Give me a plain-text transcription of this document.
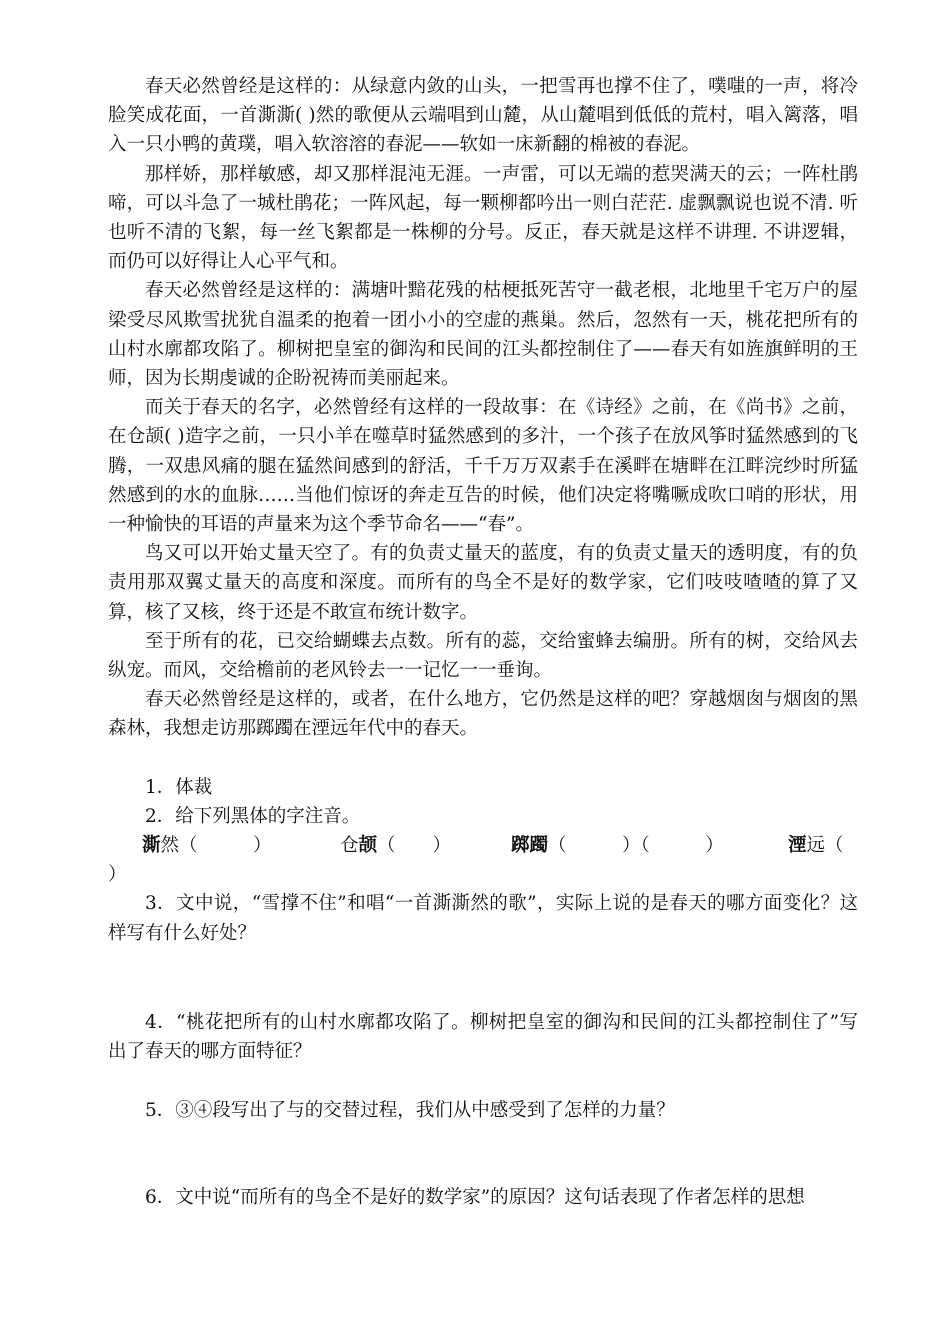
春天必然曾经是这样的：从绿意内敛的山头，一把雪再也撑不住了，噗嗤的一声，将冷脸笑成花面，一首澌澌( )然的歌便从云端唱到山麓，从山麓唱到低低的荒村，唱入篱落，唱入一只小鸭的黄璞，唱入软溶溶的春泥——软如一床新翻的棉被的春泥。

那样娇，那样敏感，却又那样混沌无涯。一声雷，可以无端的惹哭满天的云；一阵杜鹃啼，可以斗急了一城杜鹃花；一阵风起，每一颗柳都吟出一则白茫茫. 虚飘飘说也说不清. 听也听不清的飞絮，每一丝飞絮都是一株柳的分号。反正，春天就是这样不讲理. 不讲逻辑，而仍可以好得让人心平气和。

春天必然曾经是这样的：满塘叶黯花残的枯梗抵死苦守一截老根，北地里千宅万户的屋梁受尽风欺雪扰犹自温柔的抱着一团小小的空虚的燕巢。然后，忽然有一天，桃花把所有的山村水廓都攻陷了。柳树把皇室的御沟和民间的江头都控制住了——春天有如旌旗鲜明的王师，因为长期虔诚的企盼祝祷而美丽起来。

而关于春天的名字，必然曾经有这样的一段故事：在《诗经》之前，在《尚书》之前，在仓颉( )造字之前，一只小羊在噬草时猛然感到的多汁，一个孩子在放风筝时猛然感到的飞腾，一双患风痛的腿在猛然间感到的舒活，千千万万双素手在溪畔在塘畔在江畔浣纱时所猛然感到的水的血脉……当他们惊讶的奔走互告的时候，他们决定将嘴噘成吹口哨的形状，用一种愉快的耳语的声量来为这个季节命名——“春”。

鸟又可以开始丈量天空了。有的负责丈量天的蓝度，有的负责丈量天的透明度，有的负责用那双翼丈量天的高度和深度。而所有的鸟全不是好的数学家，它们吱吱喳喳的算了又算，核了又核，终于还是不敢宣布统计数字。

至于所有的花，已交给蝴蝶去点数。所有的蕊，交给蜜蜂去编册。所有的树，交给风去纵宠。而风，交给檐前的老风铃去一一记忆一一垂询。

春天必然曾经是这样的，或者，在什么地方，它仍然是这样的吧？穿越烟囱与烟囱的黑森林，我想走访那踯躅在湮远年代中的春天。

1．体裁

2．给下列黑体的字注音。

澌然（　　　）	仓颉（　　）	踯躅（　　　）（　　　）	湮远（
）

3．文中说，“雪撑不住”和唱“一首澌澌然的歌”，实际上说的是春天的哪方面变化？这样写有什么好处？

4．“桃花把所有的山村水廓都攻陷了。柳树把皇室的御沟和民间的江头都控制住了”写出了春天的哪方面特征？

5．③④段写出了与的交替过程，我们从中感受到了怎样的力量？

6．文中说“而所有的鸟全不是好的数学家”的原因？这句话表现了作者怎样的思想
